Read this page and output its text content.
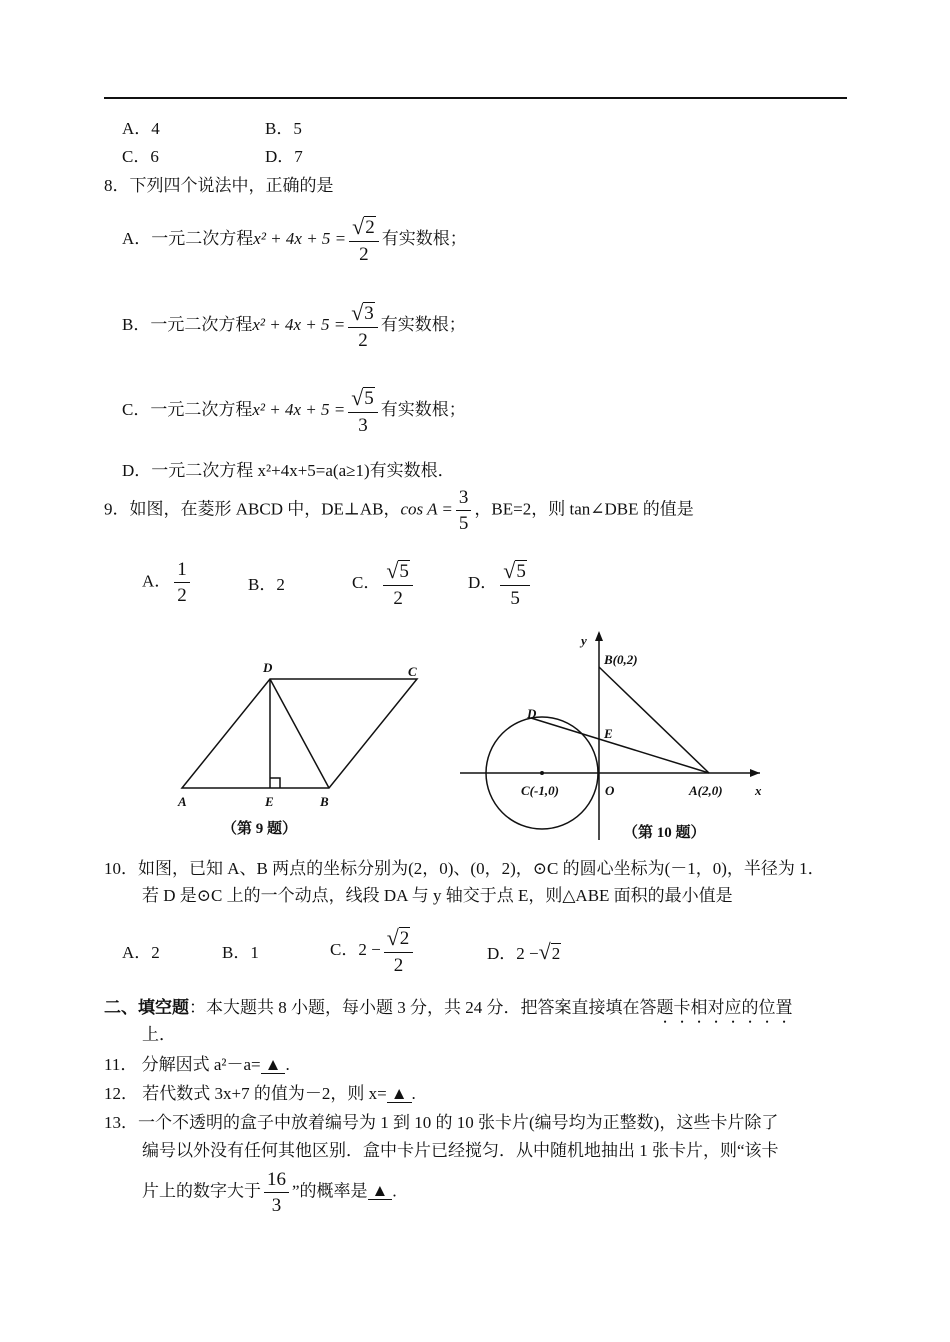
A．4	B．5
C．6	D．7
8．下列四个说法中，正确的是
A．一元二次方程$x^2 + 4x + 5 = \frac{√ 2}{2}$ 有实数根；
B．一元二次方程$x^2 + 4x + 5 = \frac{√ 3}{2}$ 有实数根；
C．一元二次方程$x^2 + 4x + 5 = \frac{√ 5}{3}$ 有实数根；
D．一元二次方程 x²+4x+5=a(a≥1)有实数根．
9．如图，在菱形 ABCD 中，DE⊥AB，$\cos A = \frac{3}{5}$ ，BE=2，则 tan∠DBE 的值是
A． $\frac{1}{2}$	B．2	C． $\frac{√ 5}{2}$	D． $\frac{√ 5}{5}$
D	C
A	E	B
（第 9 题）
y
B(0,2)
D
E
C(-1,0)	O	A(2,0) x
（第 10 题）
10．如图，已知 A、B 两点的坐标分别为(2，0)、(0，2)，⊙C 的圆心坐标为(－1，0)，半径为 1．
若 D 是⊙C 上的一个动点，线段 DA 与 y 轴交于点 E，则△ABE 面积的最小值是
A．2	B．1	C．$2 - \frac{√ 2}{2}$	D．2 − √ 2
二、填空题：本大题共 8 小题，每小题 3 分，共 24 分．把答案直接填在答题卡相对应的位置
上．
11． 分解因式 a²－a= ▲ .
12． 若代数式 3x+7 的值为－2，则 x= ▲ .
13．一个不透明的盒子中放着编号为 1 到 10 的 10 张卡片(编号均为正整数)，这些卡片除了
编号以外没有任何其他区别．盒中卡片已经搅匀．从中随机地抽出 1 张卡片，则“该卡
片上的数字大于 $\frac{16}{3}$ ”的概率是 ▲ .
